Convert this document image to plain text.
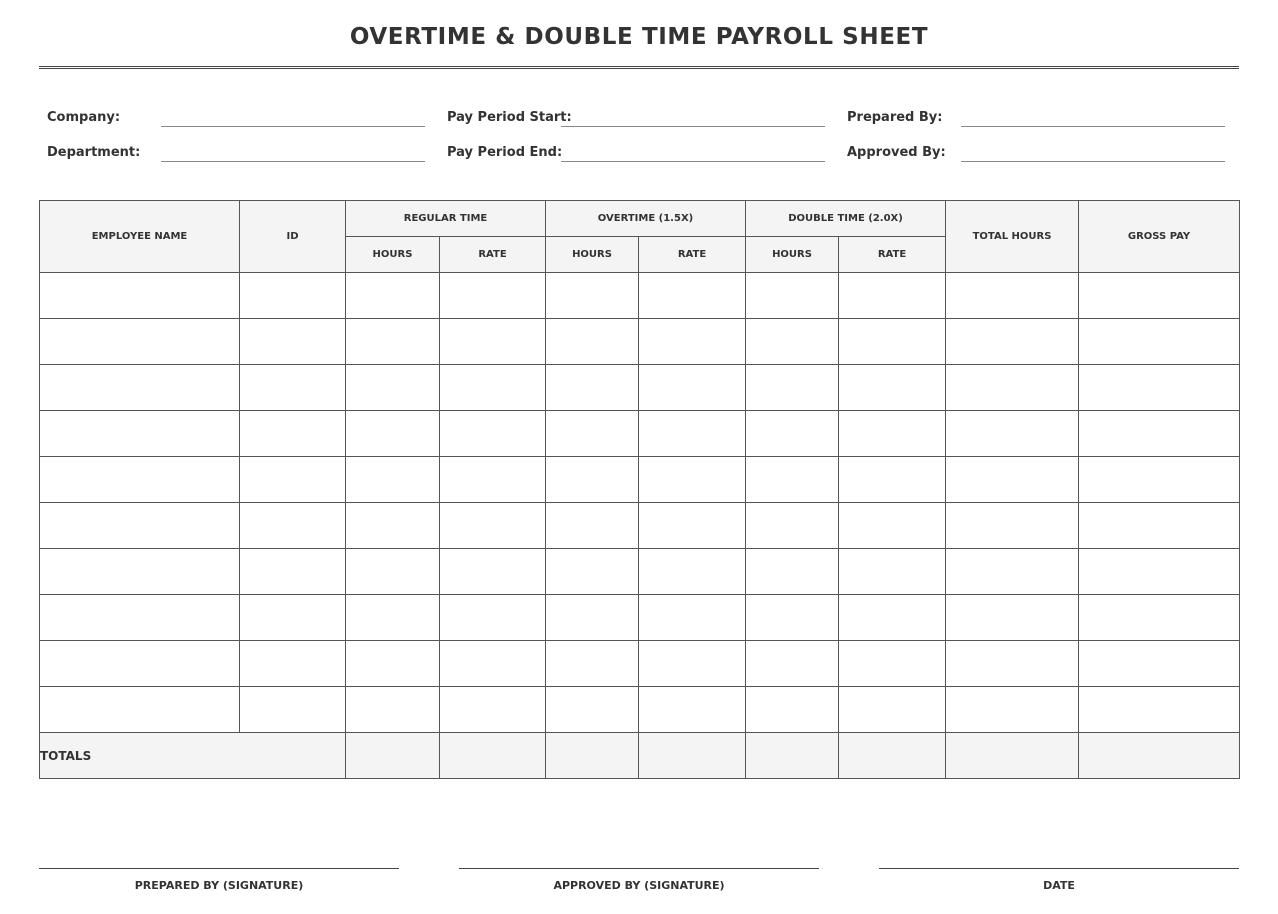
OVERTIME & DOUBLE TIME PAYROLL SHEET
Company:	Pay Period Start:	Prepared By:
Department:	Pay Period End:	Approved By:
EMPLOYEE NAME	ID	REGULAR TIME		OVERTIME (1.5X)		DOUBLE TIME (2.0X)		TOTAL HOURS	GROSS PAY
		HOURS	RATE	HOURS	RATE	HOURS	RATE		

TOTALS									
PREPARED BY (SIGNATURE)	APPROVED BY (SIGNATURE)	DATE
